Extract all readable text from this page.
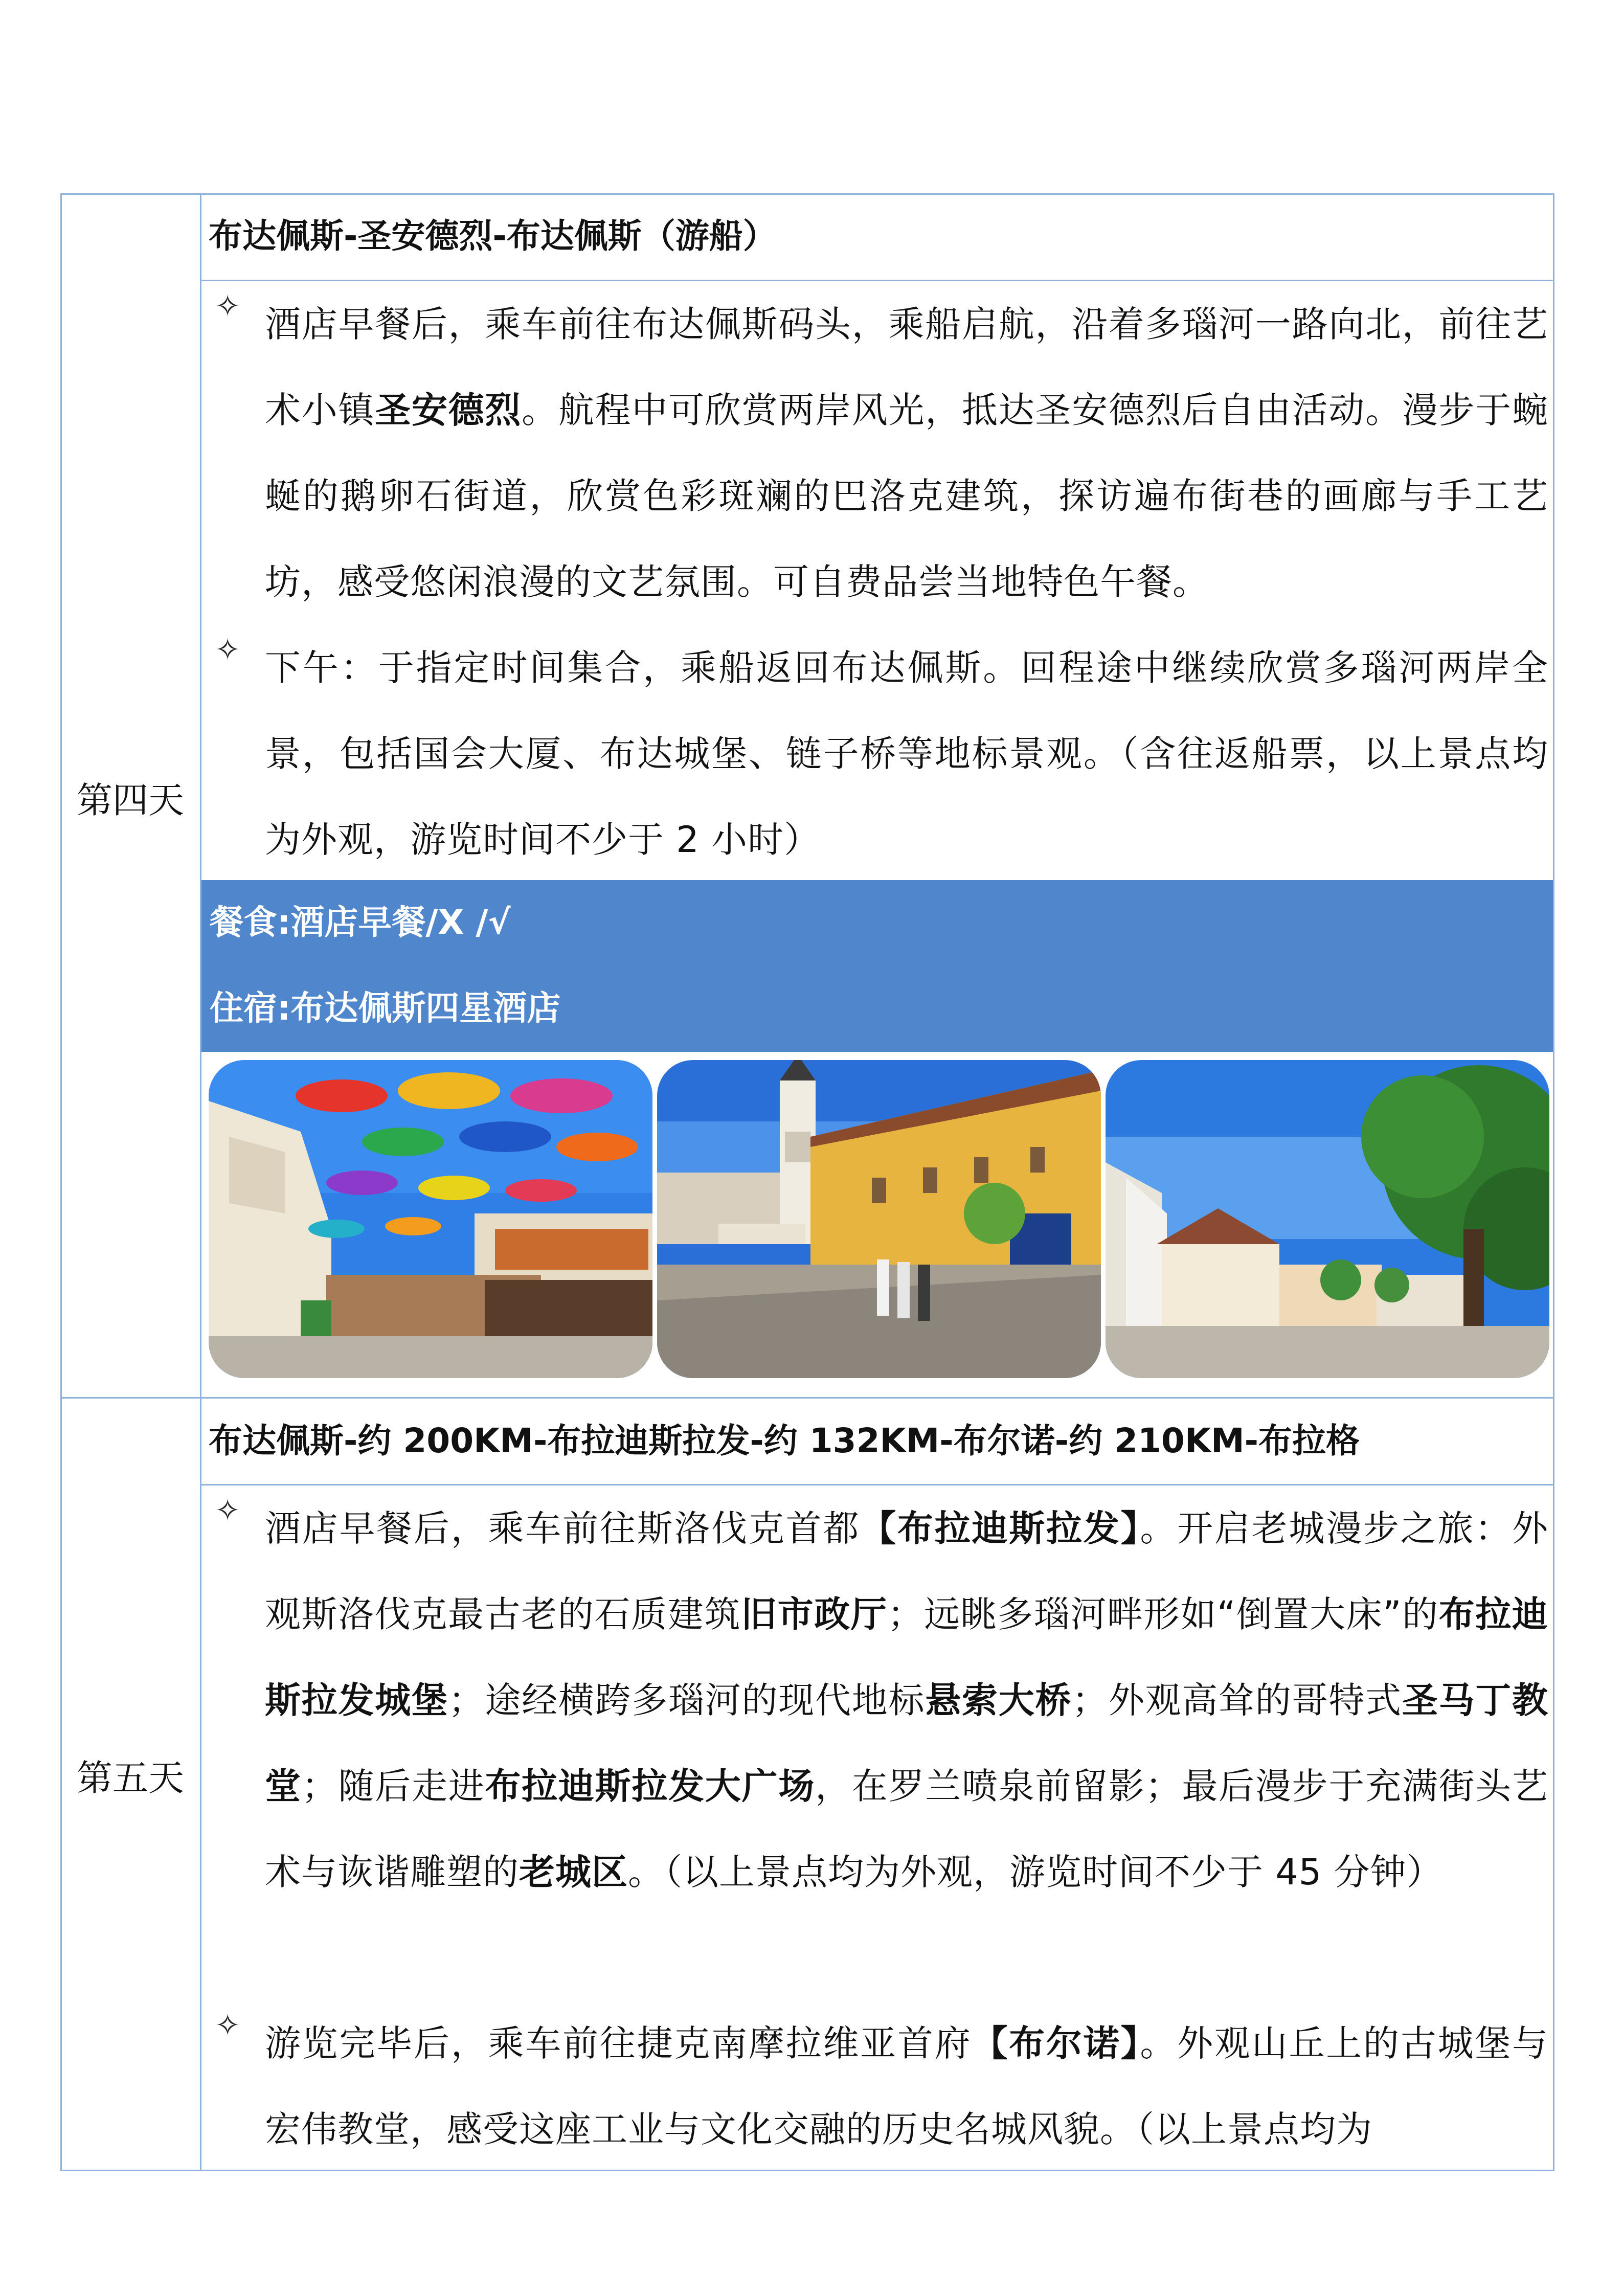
第四天
布达佩斯-圣安德烈-布达佩斯（游船）
✧ 酒店早餐后，乘车前往布达佩斯码头，乘船启航，沿着多瑙河一路向北，前往艺术小镇圣安德烈。航程中可欣赏两岸风光，抵达圣安德烈后自由活动。漫步于蜿蜒的鹅卵石街道，欣赏色彩斑斓的巴洛克建筑，探访遍布街巷的画廊与手工艺坊，感受悠闲浪漫的文艺氛围。可自费品尝当地特色午餐。
✧ 下午：于指定时间集合，乘船返回布达佩斯。回程途中继续欣赏多瑙河两岸全景，包括国会大厦、布达城堡、链子桥等地标景观。（含往返船票，以上景点均为外观，游览时间不少于 2 小时）
餐食:酒店早餐/X /√
住宿:布达佩斯四星酒店
第五天
布达佩斯-约 200KM-布拉迪斯拉发-约 132KM-布尔诺-约 210KM-布拉格
✧ 酒店早餐后，乘车前往斯洛伐克首都【布拉迪斯拉发】。开启老城漫步之旅：外观斯洛伐克最古老的石质建筑旧市政厅；远眺多瑙河畔形如“倒置大床”的布拉迪斯拉发城堡；途经横跨多瑙河的现代地标悬索大桥；外观高耸的哥特式圣马丁教堂；随后走进布拉迪斯拉发大广场，在罗兰喷泉前留影；最后漫步于充满街头艺术与诙谐雕塑的老城区。（以上景点均为外观，游览时间不少于 45 分钟）
✧ 游览完毕后，乘车前往捷克南摩拉维亚首府【布尔诺】。外观山丘上的古城堡与宏伟教堂，感受这座工业与文化交融的历史名城风貌。（以上景点均为
